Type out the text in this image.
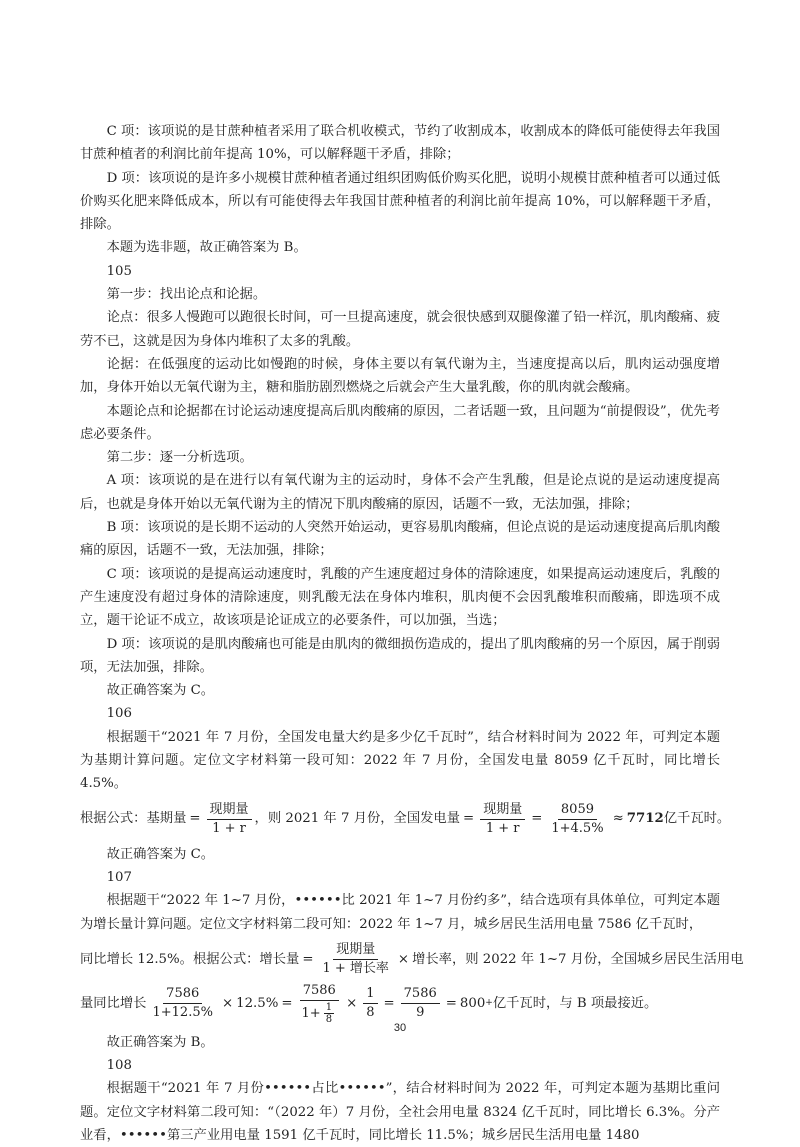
C 项：该项说的是甘蔗种植者采用了联合机收模式，节约了收割成本，收割成本的降低可能使得去年我国甘蔗种植者的利润比前年提高 10%，可以解释题干矛盾，排除；

D 项：该项说的是许多小规模甘蔗种植者通过组织团购低价购买化肥，说明小规模甘蔗种植者可以通过低价购买化肥来降低成本，所以有可能使得去年我国甘蔗种植者的利润比前年提高 10%，可以解释题干矛盾，排除。

本题为选非题，故正确答案为 B。

105

第一步：找出论点和论据。

论点：很多人慢跑可以跑很长时间，可一旦提高速度，就会很快感到双腿像灌了铅一样沉，肌肉酸痛、疲劳不已，这就是因为身体内堆积了太多的乳酸。

论据：在低强度的运动比如慢跑的时候，身体主要以有氧代谢为主，当速度提高以后，肌肉运动强度增加，身体开始以无氧代谢为主，糖和脂肪剧烈燃烧之后就会产生大量乳酸，你的肌肉就会酸痛。

本题论点和论据都在讨论运动速度提高后肌肉酸痛的原因，二者话题一致，且问题为“前提假设”，优先考虑必要条件。

第二步：逐一分析选项。

A 项：该项说的是在进行以有氧代谢为主的运动时，身体不会产生乳酸，但是论点说的是运动速度提高后，也就是身体开始以无氧代谢为主的情况下肌肉酸痛的原因，话题不一致，无法加强，排除；

B 项：该项说的是长期不运动的人突然开始运动，更容易肌肉酸痛，但论点说的是运动速度提高后肌肉酸痛的原因，话题不一致，无法加强，排除；

C 项：该项说的是提高运动速度时，乳酸的产生速度超过身体的清除速度，如果提高运动速度后，乳酸的产生速度没有超过身体的清除速度，则乳酸无法在身体内堆积，肌肉便不会因乳酸堆积而酸痛，即选项不成立，题干论证不成立，故该项是论证成立的必要条件，可以加强，当选；

D 项：该项说的是肌肉酸痛也可能是由肌肉的微细损伤造成的，提出了肌肉酸痛的另一个原因，属于削弱项，无法加强，排除。

故正确答案为 C。

106

根据题干“2021 年 7 月份，全国发电量大约是多少亿千瓦时”，结合材料时间为 2022 年，可判定本题为基期计算问题。定位文字材料第一段可知：2022 年 7 月份，全国发电量 8059 亿千瓦时，同比增长 4.5%。

根据公式：基期量 = $\frac{\text{现期量}}{1 + r}$ ，则 2021 年 7 月份，全国发电量 = $\frac{\text{现期量}}{1 + r} = \frac{8059}{1+4.5\%} \approx 7712$ 亿千瓦时。

故正确答案为 C。

107

根据题干“2022 年 1~7 月份，••••••比 2021 年 1~7 月份约多”，结合选项有具体单位，可判定本题为增长量计算问题。定位文字材料第二段可知：2022 年 1~7 月，城乡居民生活用电量 7586 亿千瓦时，

同比增长 12.5%。根据公式：增长量 = $\frac{\text{现期量}}{\text{1 + 增长率}}$ × 增长率，则 2022 年 1~7 月份，全国城乡居民生活用电
量同比增长 $\frac{7586}{1+12.5\%} \times 12.5\% = \frac{7586}{1+ \frac{1}{8}} \times \frac{1}{8} = \frac{7586}{9} = 800$ + 亿千瓦时，与 B 项最接近。

故正确答案为 B。

108

根据题干“2021 年 7 月份••••••占比••••••”，结合材料时间为 2022 年，可判定本题为基期比重问题。定位文字材料第二段可知：“（2022 年）7 月份，全社会用电量 8324 亿千瓦时，同比增长 6.3%。分产业看，••••••第三产业用电量 1591 亿千瓦时，同比增长 11.5%；城乡居民生活用电量 1480

30
